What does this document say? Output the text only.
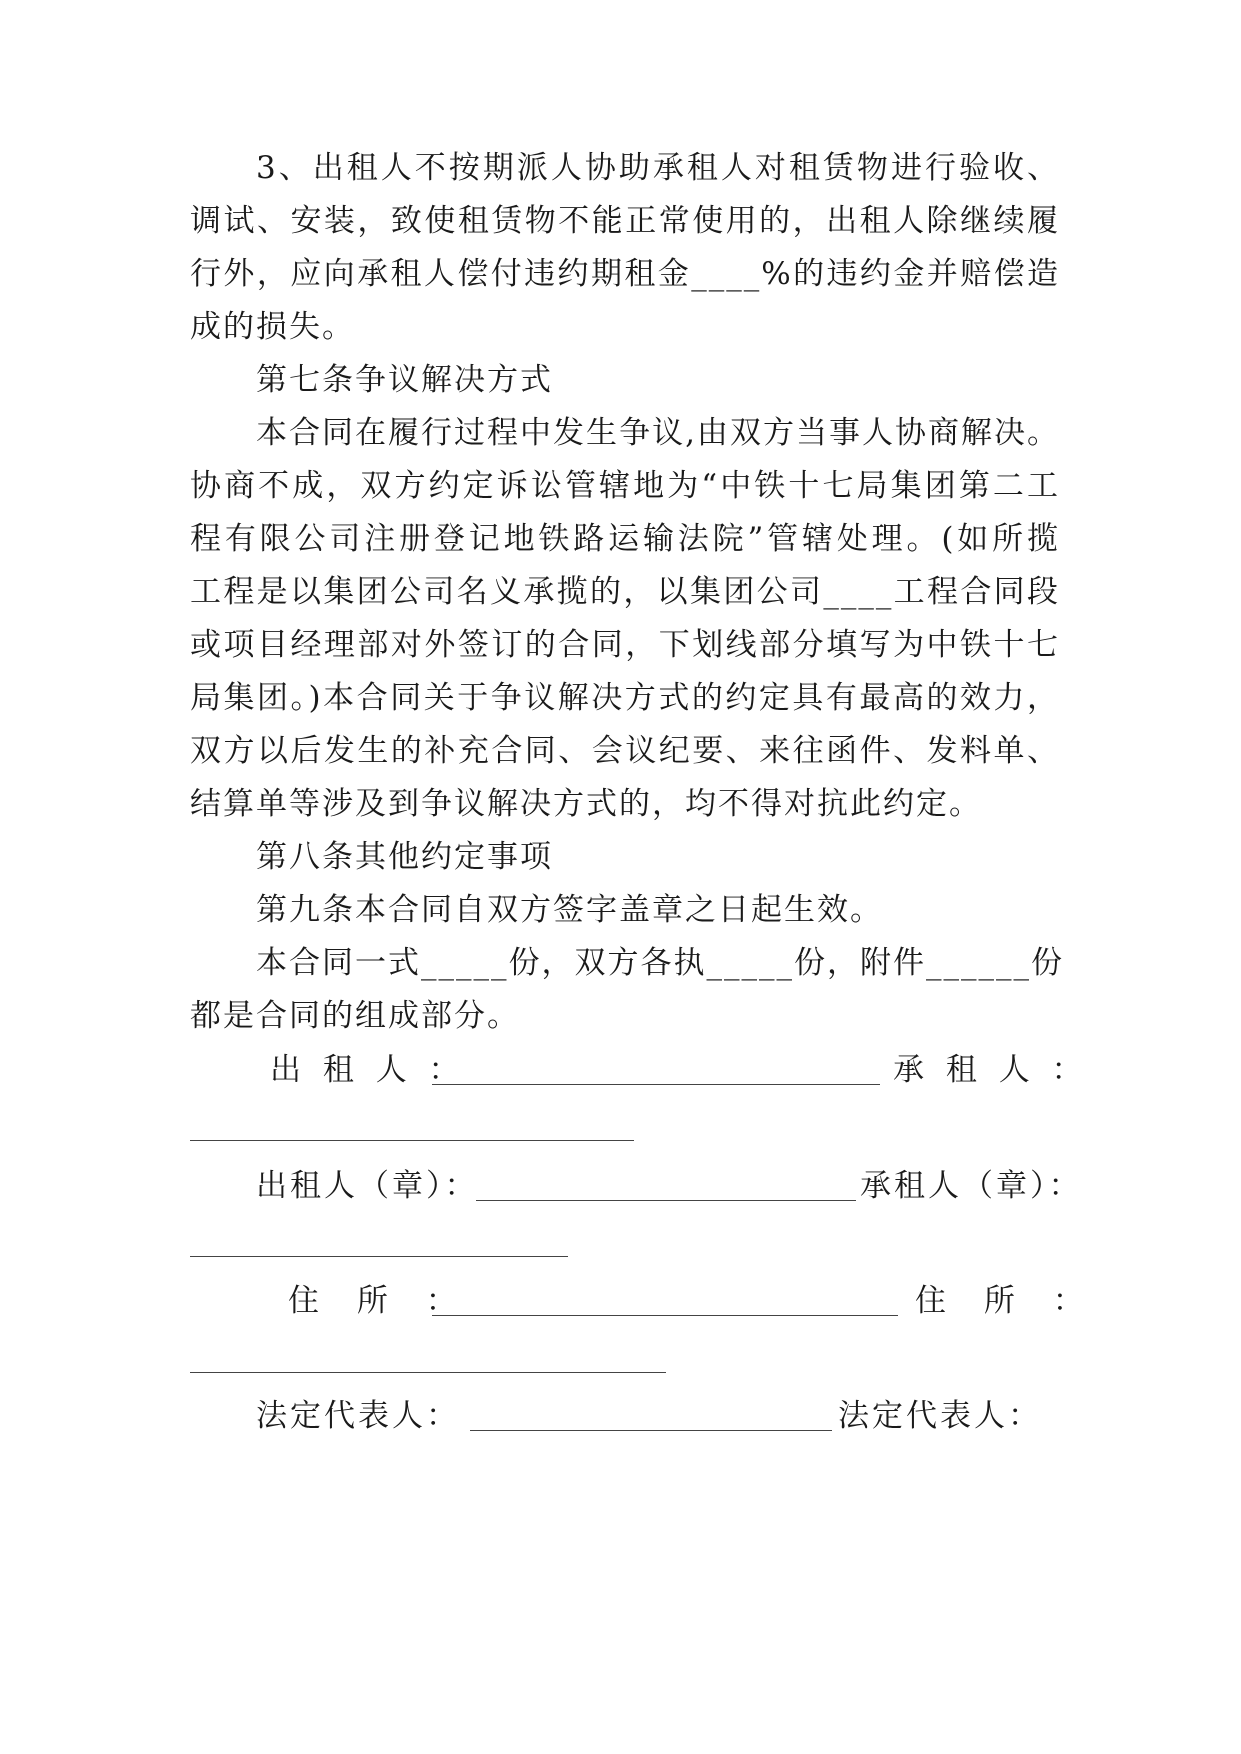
3、出租人不按期派人协助承租人对租赁物进行验收、
调试、安装，致使租赁物不能正常使用的，出租人除继续履
行外，应向承租人偿付违约期租金____%的违约金并赔偿造
成的损失。
第七条争议解决方式
本合同在履行过程中发生争议,由双方当事人协商解决。
协商不成，双方约定诉讼管辖地为“中铁十七局集团第二工
程有限公司注册登记地铁路运输法院”管辖处理。(如所揽
工程是以集团公司名义承揽的，以集团公司____工程合同段
或项目经理部对外签订的合同，下划线部分填写为中铁十七
局集团。)本合同关于争议解决方式的约定具有最高的效力，
双方以后发生的补充合同、会议纪要、来往函件、发料单、
结算单等涉及到争议解决方式的，均不得对抗此约定。
第八条其他约定事项
第九条本合同自双方签字盖章之日起生效。
本合同一式_____份，双方各执_____份，附件______份
都是合同的组成部分。
出 租 人 ：	承 租 人 ：
出租人（章）：	承租人（章）：
住 所 ：	住 所 ：
法定代表人：	法定代表人：
